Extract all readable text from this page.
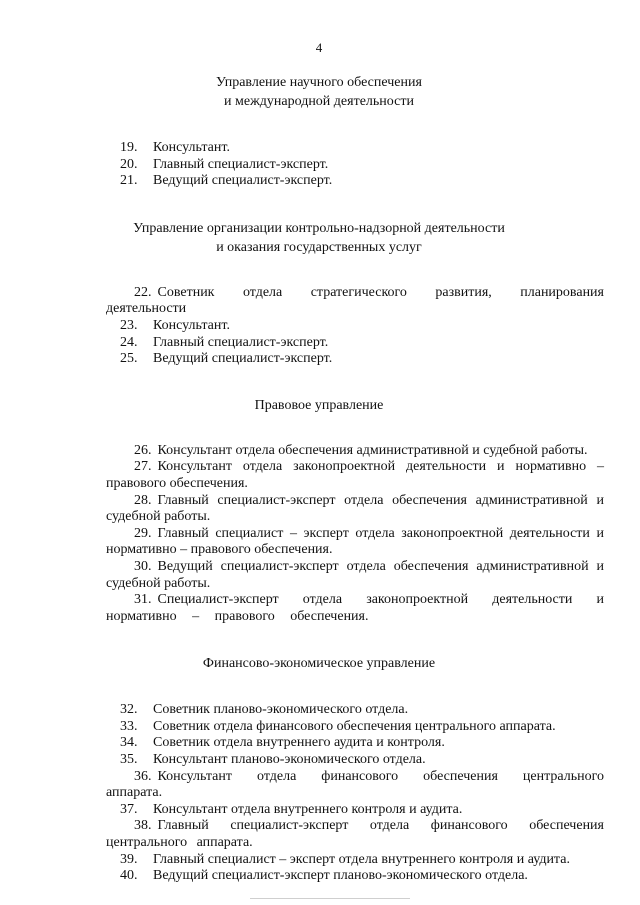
4
Управление научного обеспечения
и международной деятельности
19. Консультант.
20. Главный специалист-эксперт.
21. Ведущий специалист-эксперт.
Управление организации контрольно-надзорной деятельности
и оказания государственных услуг
22. Советник отдела стратегического развития, планирования деятельности
23. Консультант.
24. Главный специалист-эксперт.
25. Ведущий специалист-эксперт.
Правовое управление
26. Консультант отдела обеспечения административной и судебной работы.
27. Консультант отдела законопроектной деятельности и нормативно – правового обеспечения.
28. Главный специалист-эксперт отдела обеспечения административной и судебной работы.
29. Главный специалист – эксперт отдела законопроектной деятельности и нормативно – правового обеспечения.
30. Ведущий специалист-эксперт отдела обеспечения административной и судебной работы.
31. Специалист-эксперт отдела законопроектной деятельности и нормативно – правового обеспечения.
Финансово-экономическое управление
32. Советник планово-экономического отдела.
33. Советник отдела финансового обеспечения центрального аппарата.
34. Советник отдела внутреннего аудита и контроля.
35. Консультант планово-экономического отдела.
36. Консультант отдела финансового обеспечения центрального аппарата.
37. Консультант отдела внутреннего контроля и аудита.
38. Главный специалист-эксперт отдела финансового обеспечения центрального аппарата.
39. Главный специалист – эксперт отдела внутреннего контроля и аудита.
40. Ведущий специалист-эксперт планово-экономического отдела.
